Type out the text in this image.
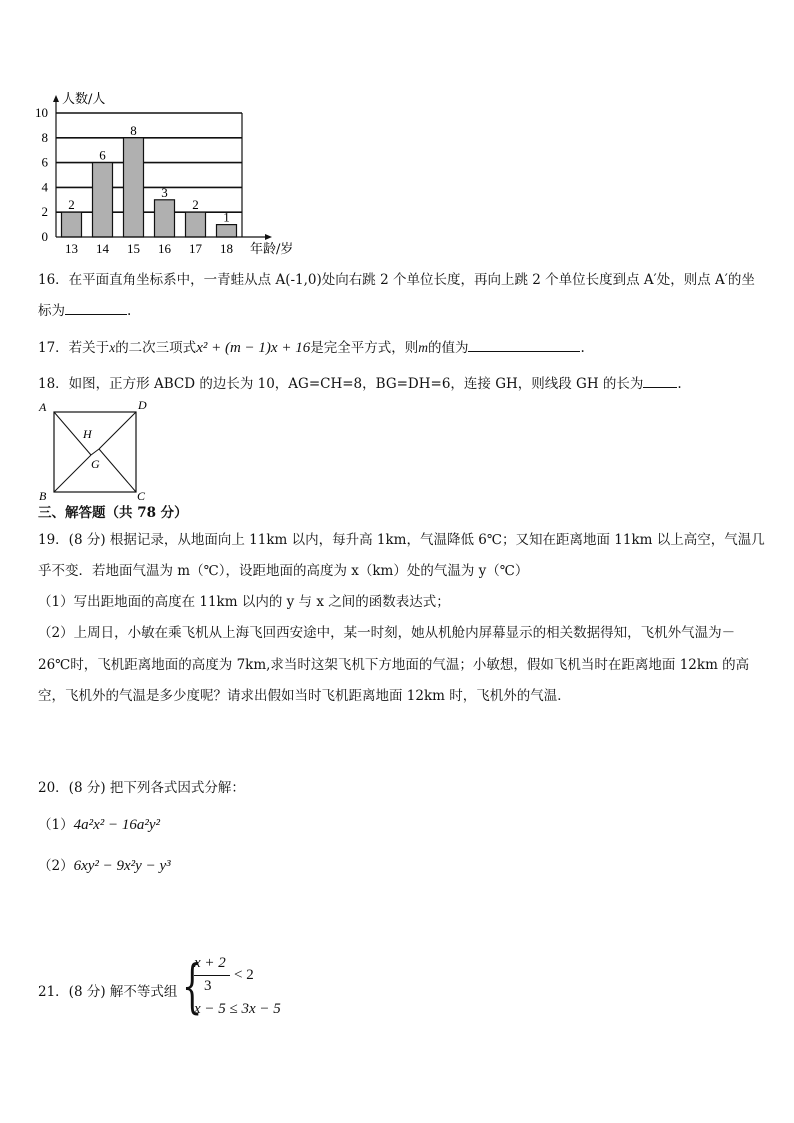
2
13
6
14
8
15
3
16
2
17
1
18
0
2
4
6
8
10
人数/人
年龄/岁
16．在平面直角坐标系中，一青蛙从点 A(-1,0)处向右跳 2 个单位长度，再向上跳 2 个单位长度到点 A′处，则点 A′的坐
标为	.
17．若关于x的二次三项式x² + (m − 1)x + 16是完全平方式，则m的值为	.
18．如图，正方形 ABCD 的边长为 10，AG=CH=8，BG=DH=6，连接 GH，则线段 GH 的长为	.
A	D
B	C
H
G
三、解答题（共 78 分）
19．(8 分) 根据记录，从地面向上 11km 以内，每升高 1km，气温降低 6℃；又知在距离地面 11km 以上高空，气温几
乎不变．若地面气温为 m（℃），设距地面的高度为 x（km）处的气温为 y（℃）
（1）写出距地面的高度在 11km 以内的 y 与 x 之间的函数表达式；
（2）上周日，小敏在乘飞机从上海飞回西安途中，某一时刻，她从机舱内屏幕显示的相关数据得知，飞机外气温为－
26℃时，飞机距离地面的高度为 7km,求当时这架飞机下方地面的气温；小敏想，假如飞机当时在距离地面 12km 的高
空，飞机外的气温是多少度呢？请求出假如当时飞机距离地面 12km 时，飞机外的气温．
20．(8 分) 把下列各式因式分解：
（1）4a²x² − 16a²y²
（2）6xy² − 9x²y − y³
21．(8 分) 解不等式组 {
x + 2
3
< 2
x − 5 ≤ 3x − 5
